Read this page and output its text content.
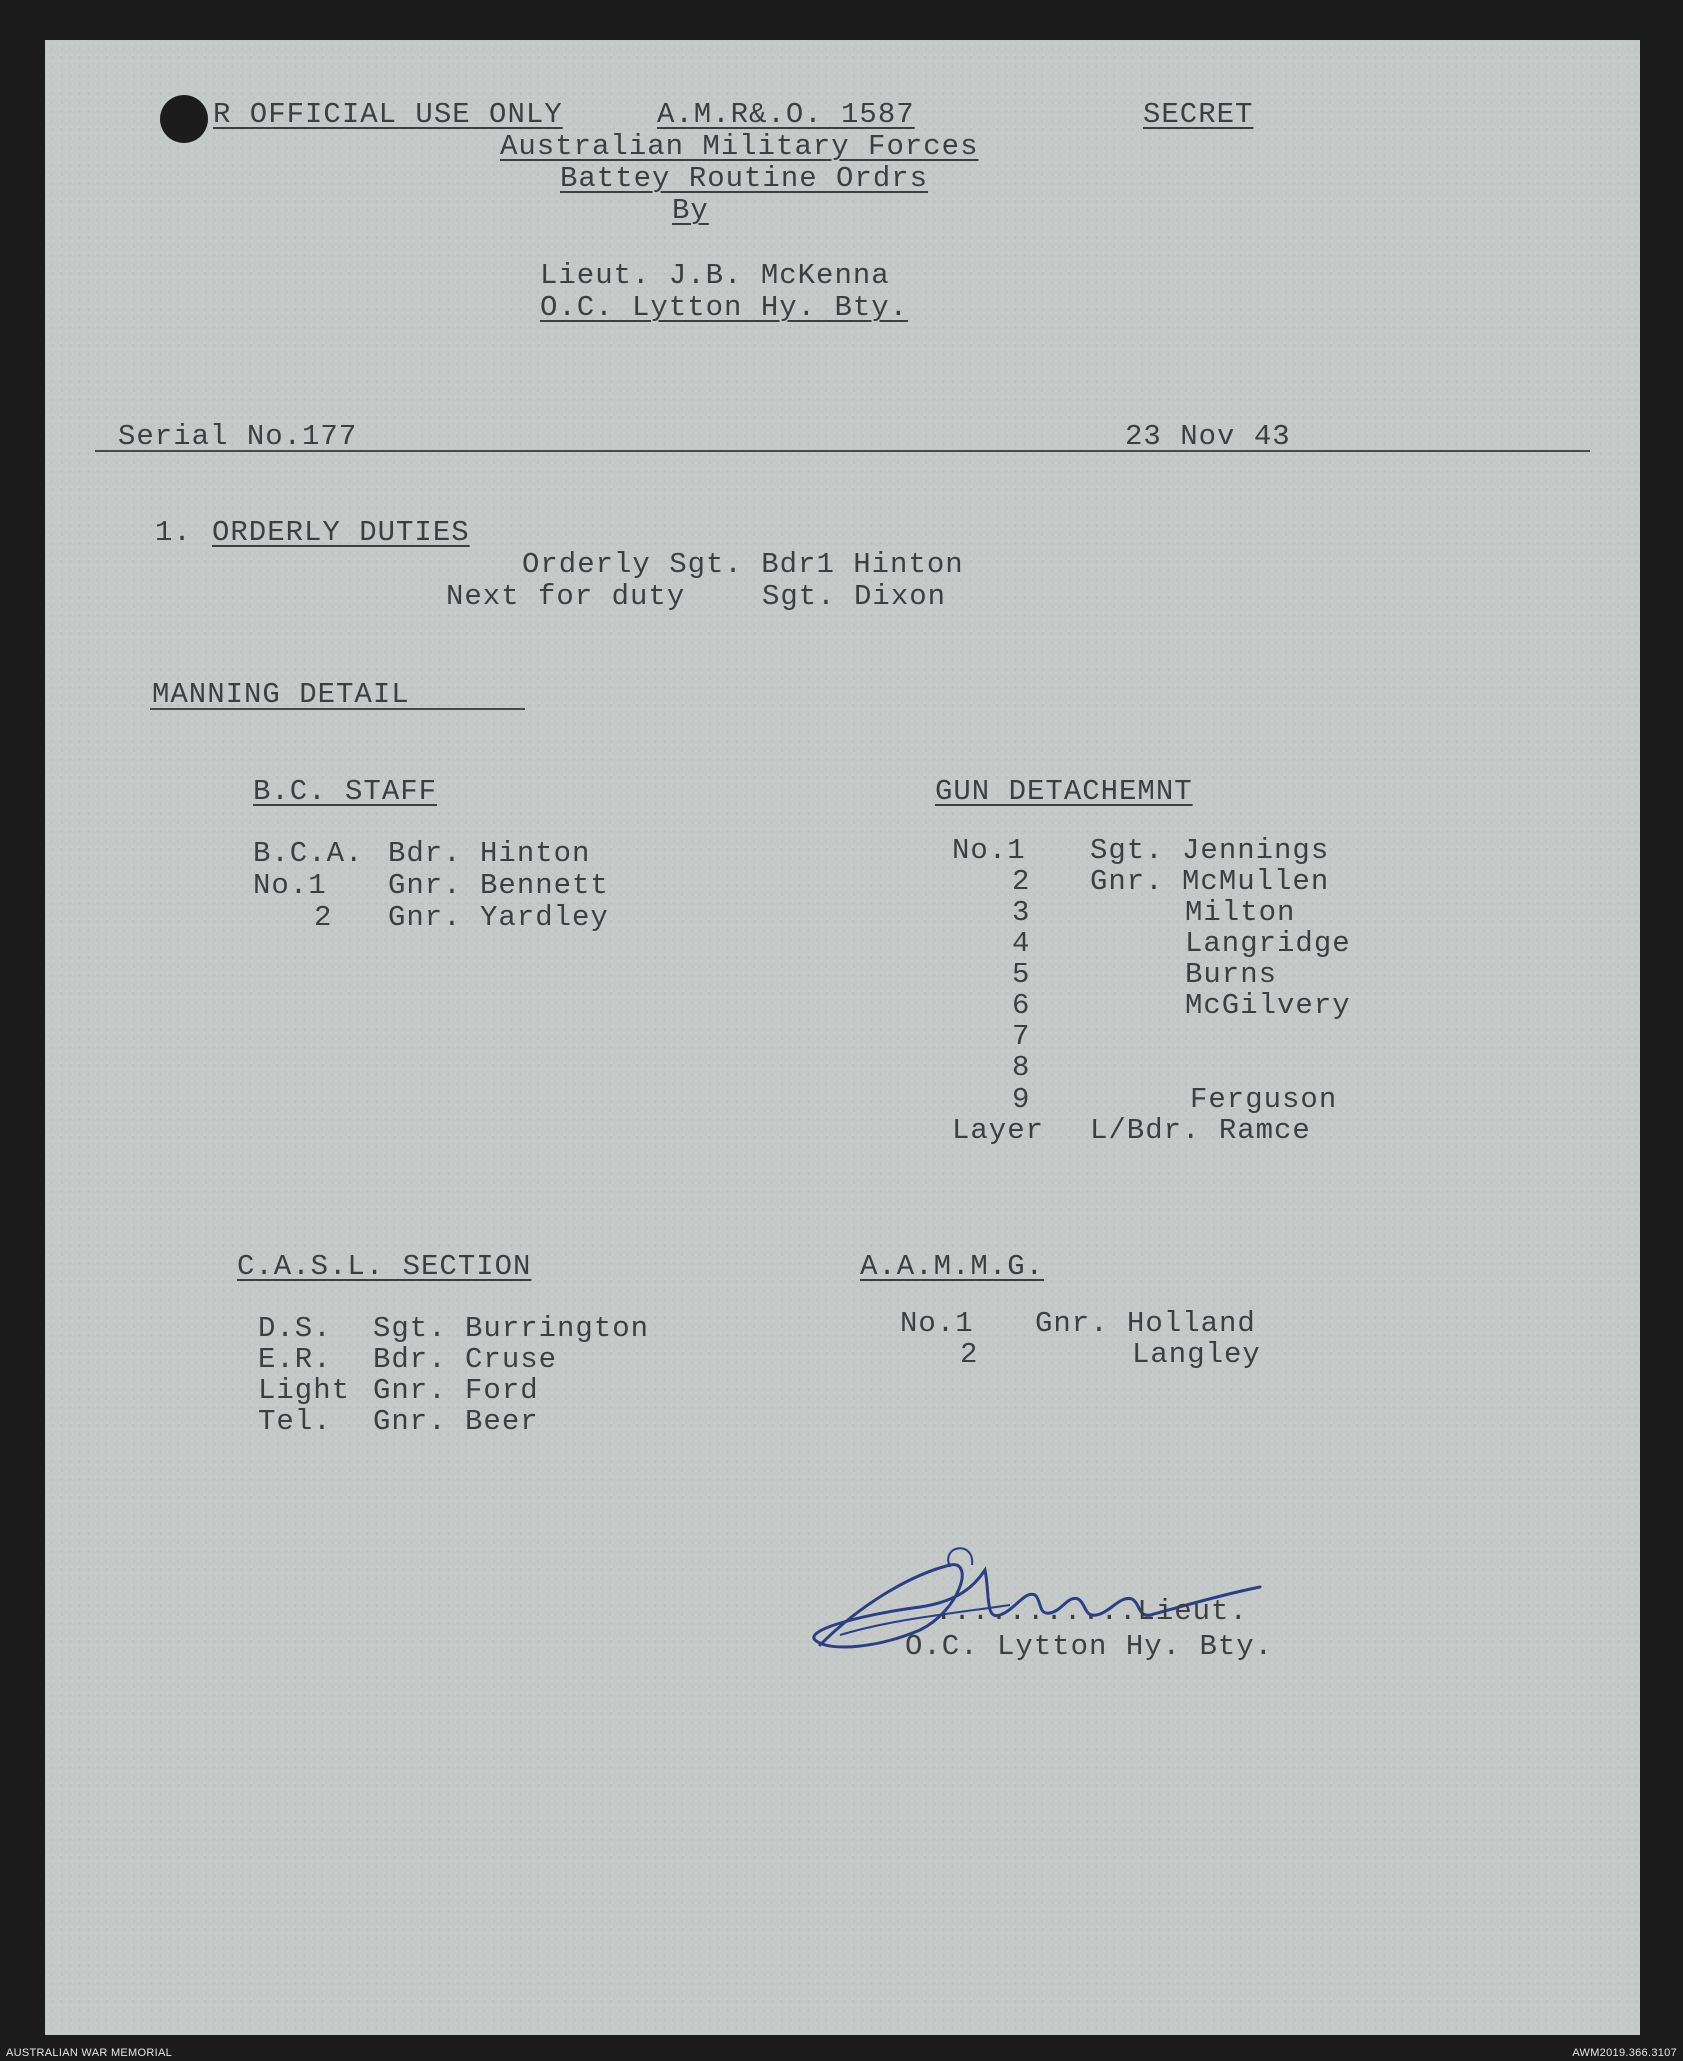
R OFFICIAL USE ONLY	A.M.R&.O. 1587	SECRET
Australian Military Forces
Battey Routine Ordrs
By
Lieut. J.B. McKenna
O.C. Lytton Hy. Bty.
Serial No.177	23 Nov 43
1. ORDERLY DUTIES
Orderly Sgt. Bdr1 Hinton
Next for duty	Sgt. Dixon
MANNING DETAIL
B.C. STAFF
B.C.A. Bdr. Hinton
No.1 Gnr. Bennett
2 Gnr. Yardley
GUN DETACHEMNT
No.1 Sgt. Jennings
2 Gnr. McMullen
3	Milton
4	Langridge
5	Burns
6	McGilvery
7
8
9	Ferguson
Layer L/Bdr. Ramce
C.A.S.L. SECTION
D.S. Sgt. Burrington
E.R. Bdr. Cruse
Light Gnr. Ford
Tel. Gnr. Beer
A.A.M.M.G.
No.1 Gnr. Holland
2	Langley
...........Lieut.
O.C. Lytton Hy. Bty.
AUSTRALIAN WAR MEMORIAL	AWM2019.366.3107
